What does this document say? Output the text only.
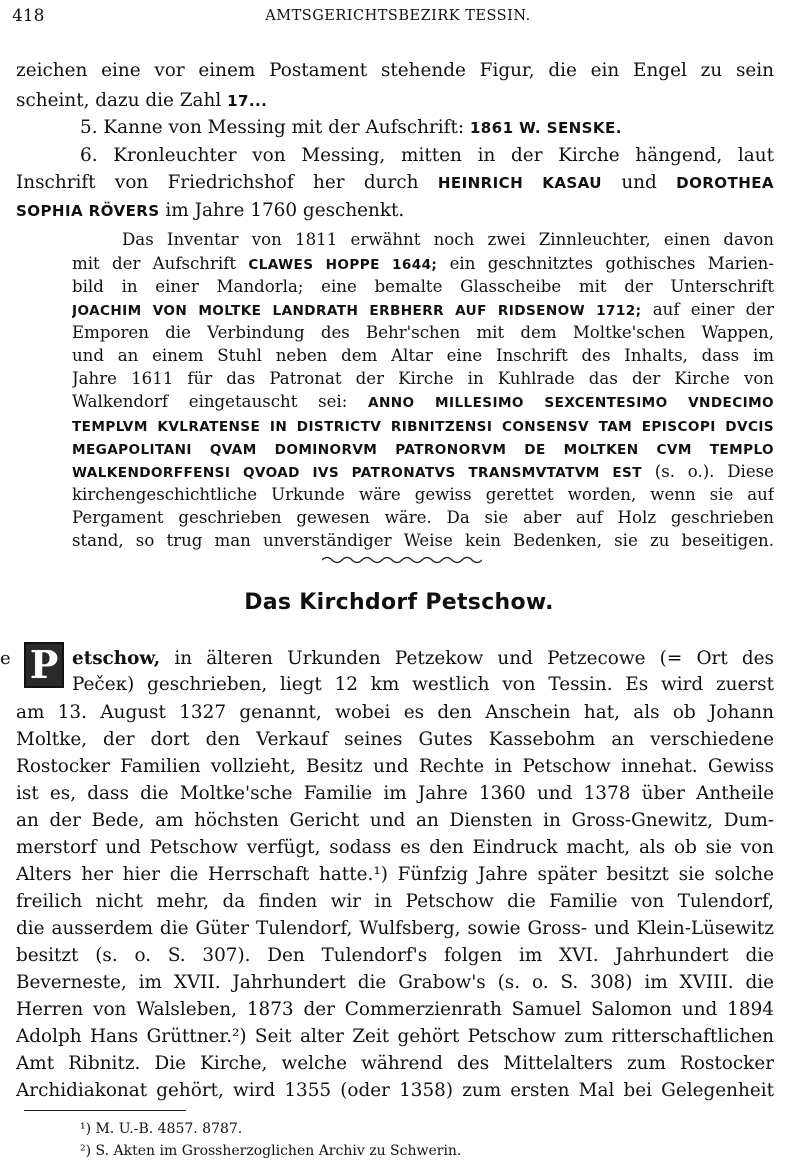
418	AMTSGERICHTSBEZIRK TESSIN.
zeichen eine vor einem Postament stehende Figur, die ein Engel zu sein
scheint, dazu die Zahl 17...
5. Kanne von Messing mit der Aufschrift: 1861 W. SENSKE.
6. Kronleuchter von Messing, mitten in der Kirche hängend, laut
Inschrift von Friedrichshof her durch HEINRICH KASAU und DOROTHEA
SOPHIA RÖVERS im Jahre 1760 geschenkt.
Das Inventar von 1811 erwähnt noch zwei Zinnleuchter, einen davon
mit der Aufschrift CLAWES HOPPE 1644; ein geschnitztes gothisches Marien-
bild in einer Mandorla; eine bemalte Glasscheibe mit der Unterschrift
JOACHIM VON MOLTKE LANDRATH ERBHERR AUF RIDSENOW 1712; auf einer der
Emporen die Verbindung des Behr'schen mit dem Moltke'schen Wappen,
und an einem Stuhl neben dem Altar eine Inschrift des Inhalts, dass im
Jahre 1611 für das Patronat der Kirche in Kuhlrade das der Kirche von
Walkendorf eingetauscht sei: ANNO MILLESIMO SEXCENTESIMO VNDECIMO
TEMPLVM KVLRATENSE IN DISTRICTV RIBNITZENSI CONSENSV TAM EPISCOPI DVCIS
MEGAPOLITANI QVAM DOMINORVM PATRONORVM DE MOLTKEN CVM TEMPLO
WALKENDORFFENSI QVOAD IVS PATRONATVS TRANSMVTATVM EST (s. o.). Diese
kirchengeschichtliche Urkunde wäre gewiss gerettet worden, wenn sie auf
Pergament geschrieben gewesen wäre. Da sie aber auf Holz geschrieben
stand, so trug man unverständiger Weise kein Bedenken, sie zu beseitigen.
Das Kirchdorf Petschow.
e P etschow, in älteren Urkunden Petzekow und Petzecowe (= Ort des
Pečeк) geschrieben, liegt 12 km westlich von Tessin. Es wird zuerst
am 13. August 1327 genannt, wobei es den Anschein hat, als ob Johann
Moltke, der dort den Verkauf seines Gutes Kassebohm an verschiedene
Rostocker Familien vollzieht, Besitz und Rechte in Petschow innehat. Gewiss
ist es, dass die Moltke'sche Familie im Jahre 1360 und 1378 über Antheile
an der Bede, am höchsten Gericht und an Diensten in Gross-Gnewitz, Dum-
merstorf und Petschow verfügt, sodass es den Eindruck macht, als ob sie von
Alters her hier die Herrschaft hatte.¹) Fünfzig Jahre später besitzt sie solche
freilich nicht mehr, da finden wir in Petschow die Familie von Tulendorf,
die ausserdem die Güter Tulendorf, Wulfsberg, sowie Gross- und Klein-Lüsewitz
besitzt (s. o. S. 307). Den Tulendorf's folgen im XVI. Jahrhundert die
Beverneste, im XVII. Jahrhundert die Grabow's (s. o. S. 308) im XVIII. die
Herren von Walsleben, 1873 der Commerzienrath Samuel Salomon und 1894
Adolph Hans Grüttner.²) Seit alter Zeit gehört Petschow zum ritterschaftlichen
Amt Ribnitz. Die Kirche, welche während des Mittelalters zum Rostocker
Archidiakonat gehört, wird 1355 (oder 1358) zum ersten Mal bei Gelegenheit
¹) M. U.-B. 4857. 8787.
²) S. Akten im Grossherzoglichen Archiv zu Schwerin.
